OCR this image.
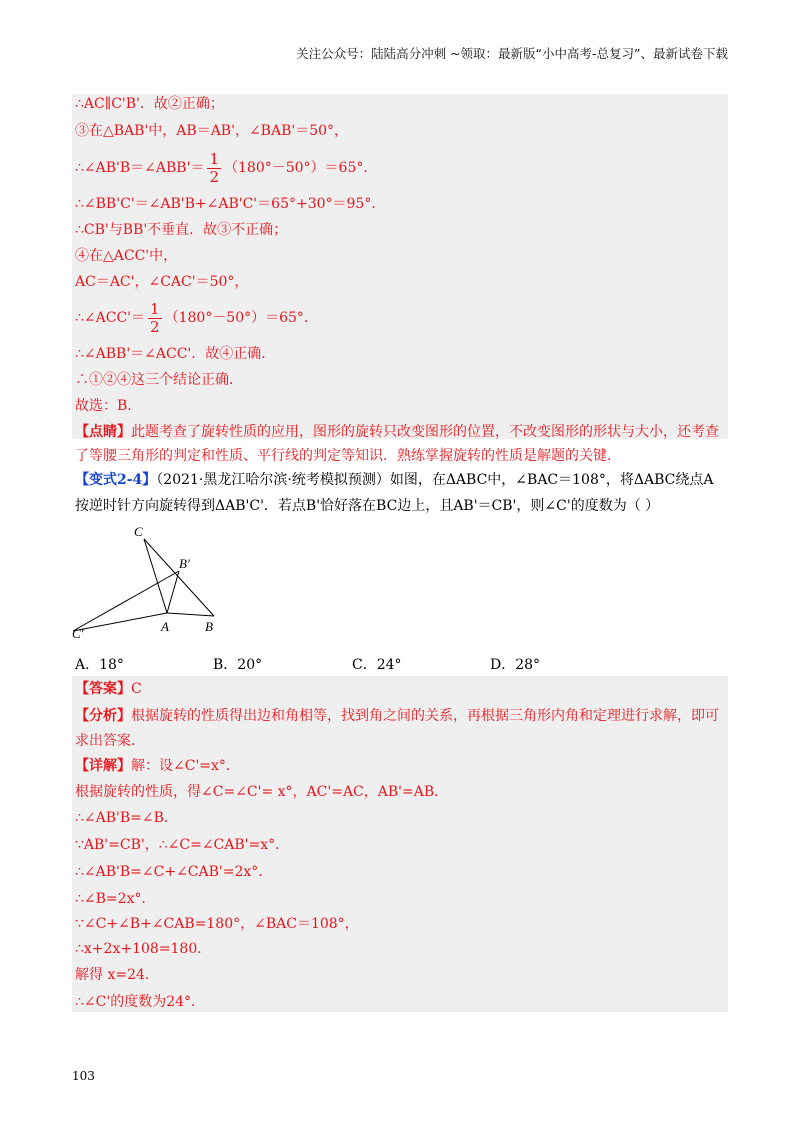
关注公众号：陆陆高分冲刺 ~领取：最新版“小中高考-总复习”、最新试卷下载
∴AC∥C'B'．故②正确；
③在△BAB'中，AB＝AB'，∠BAB'＝50°，
∴∠AB'B＝∠ABB'＝ $\frac{1}{2} (180^\circ-50^\circ)=65^\circ$．
∴∠BB'C'＝∠AB'B+∠AB'C'＝65°+30°＝95°．
∴CB'与BB'不垂直．故③不正确；
④在△ACC'中，
AC＝AC'，∠CAC'＝50°，
∴∠ACC'＝ $\frac{1}{2} (180^\circ-50^\circ)=65^\circ$．
∴∠ABB'＝∠ACC'．故④正确．
∴①②④这三个结论正确．
故选：B．
【点睛】此题考查了旋转性质的应用，图形的旋转只改变图形的位置，不改变图形的形状与大小，还考查
了等腰三角形的判定和性质、平行线的判定等知识．熟练掌握旋转的性质是解题的关键．
【变式2-4】（2021·黑龙江哈尔滨·统考模拟预测）如图，在ΔABC中，∠BAC＝108°，将ΔABC绕点A
按逆时针方向旋转得到ΔAB'C'．若点B'恰好落在BC边上，且AB'＝CB'，则∠C'的度数为（ ）
C
B′
A	B
C′
A．18°	B．20°	C．24°	D．28°
【答案】C
【分析】根据旋转的性质得出边和角相等，找到角之间的关系，再根据三角形内角和定理进行求解，即可
求出答案．
【详解】解：设∠C'=x°．
根据旋转的性质，得∠C=∠C'= x°，AC'=AC，AB'=AB．
∴∠AB'B=∠B．
∵AB'=CB'，∴∠C=∠CAB'=x°．
∴∠AB'B=∠C+∠CAB'=2x°．
∴∠B=2x°．
∵∠C+∠B+∠CAB=180°，∠BAC＝108°，
∴x+2x+108=180．
解得 x=24．
∴∠C'的度数为24°．
103
